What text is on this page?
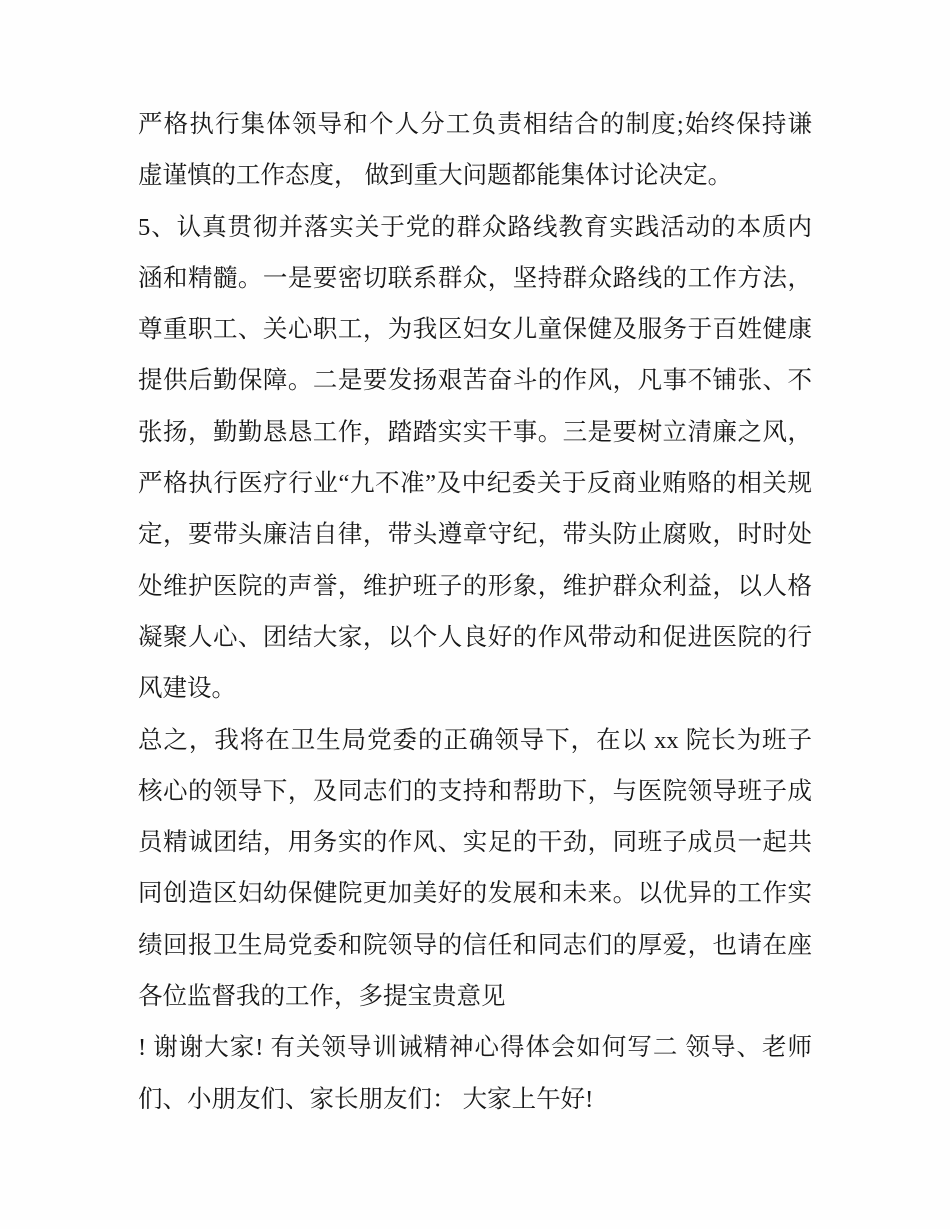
严格执行集体领导和个人分工负责相结合的制度;始终保持谦
虚谨慎的工作态度， 做到重大问题都能集体讨论决定。
5、认真贯彻并落实关于党的群众路线教育实践活动的本质内
涵和精髓。一是要密切联系群众，坚持群众路线的工作方法，
尊重职工、关心职工，为我区妇女儿童保健及服务于百姓健康
提供后勤保障。二是要发扬艰苦奋斗的作风，凡事不铺张、不
张扬，勤勤恳恳工作，踏踏实实干事。三是要树立清廉之风，
严格执行医疗行业“九不准”及中纪委关于反商业贿赂的相关规
定，要带头廉洁自律，带头遵章守纪，带头防止腐败，时时处
处维护医院的声誉，维护班子的形象，维护群众利益，以人格
凝聚人心、团结大家，以个人良好的作风带动和促进医院的行
风建设。
总之，我将在卫生局党委的正确领导下，在以 xx 院长为班子
核心的领导下，及同志们的支持和帮助下，与医院领导班子成
员精诚团结，用务实的作风、实足的干劲，同班子成员一起共
同创造区妇幼保健院更加美好的发展和未来。以优异的工作实
绩回报卫生局党委和院领导的信任和同志们的厚爱，也请在座
各位监督我的工作，多提宝贵意见
! 谢谢大家! 有关领导训诫精神心得体会如何写二 领导、老师
们、小朋友们、家长朋友们： 大家上午好!
